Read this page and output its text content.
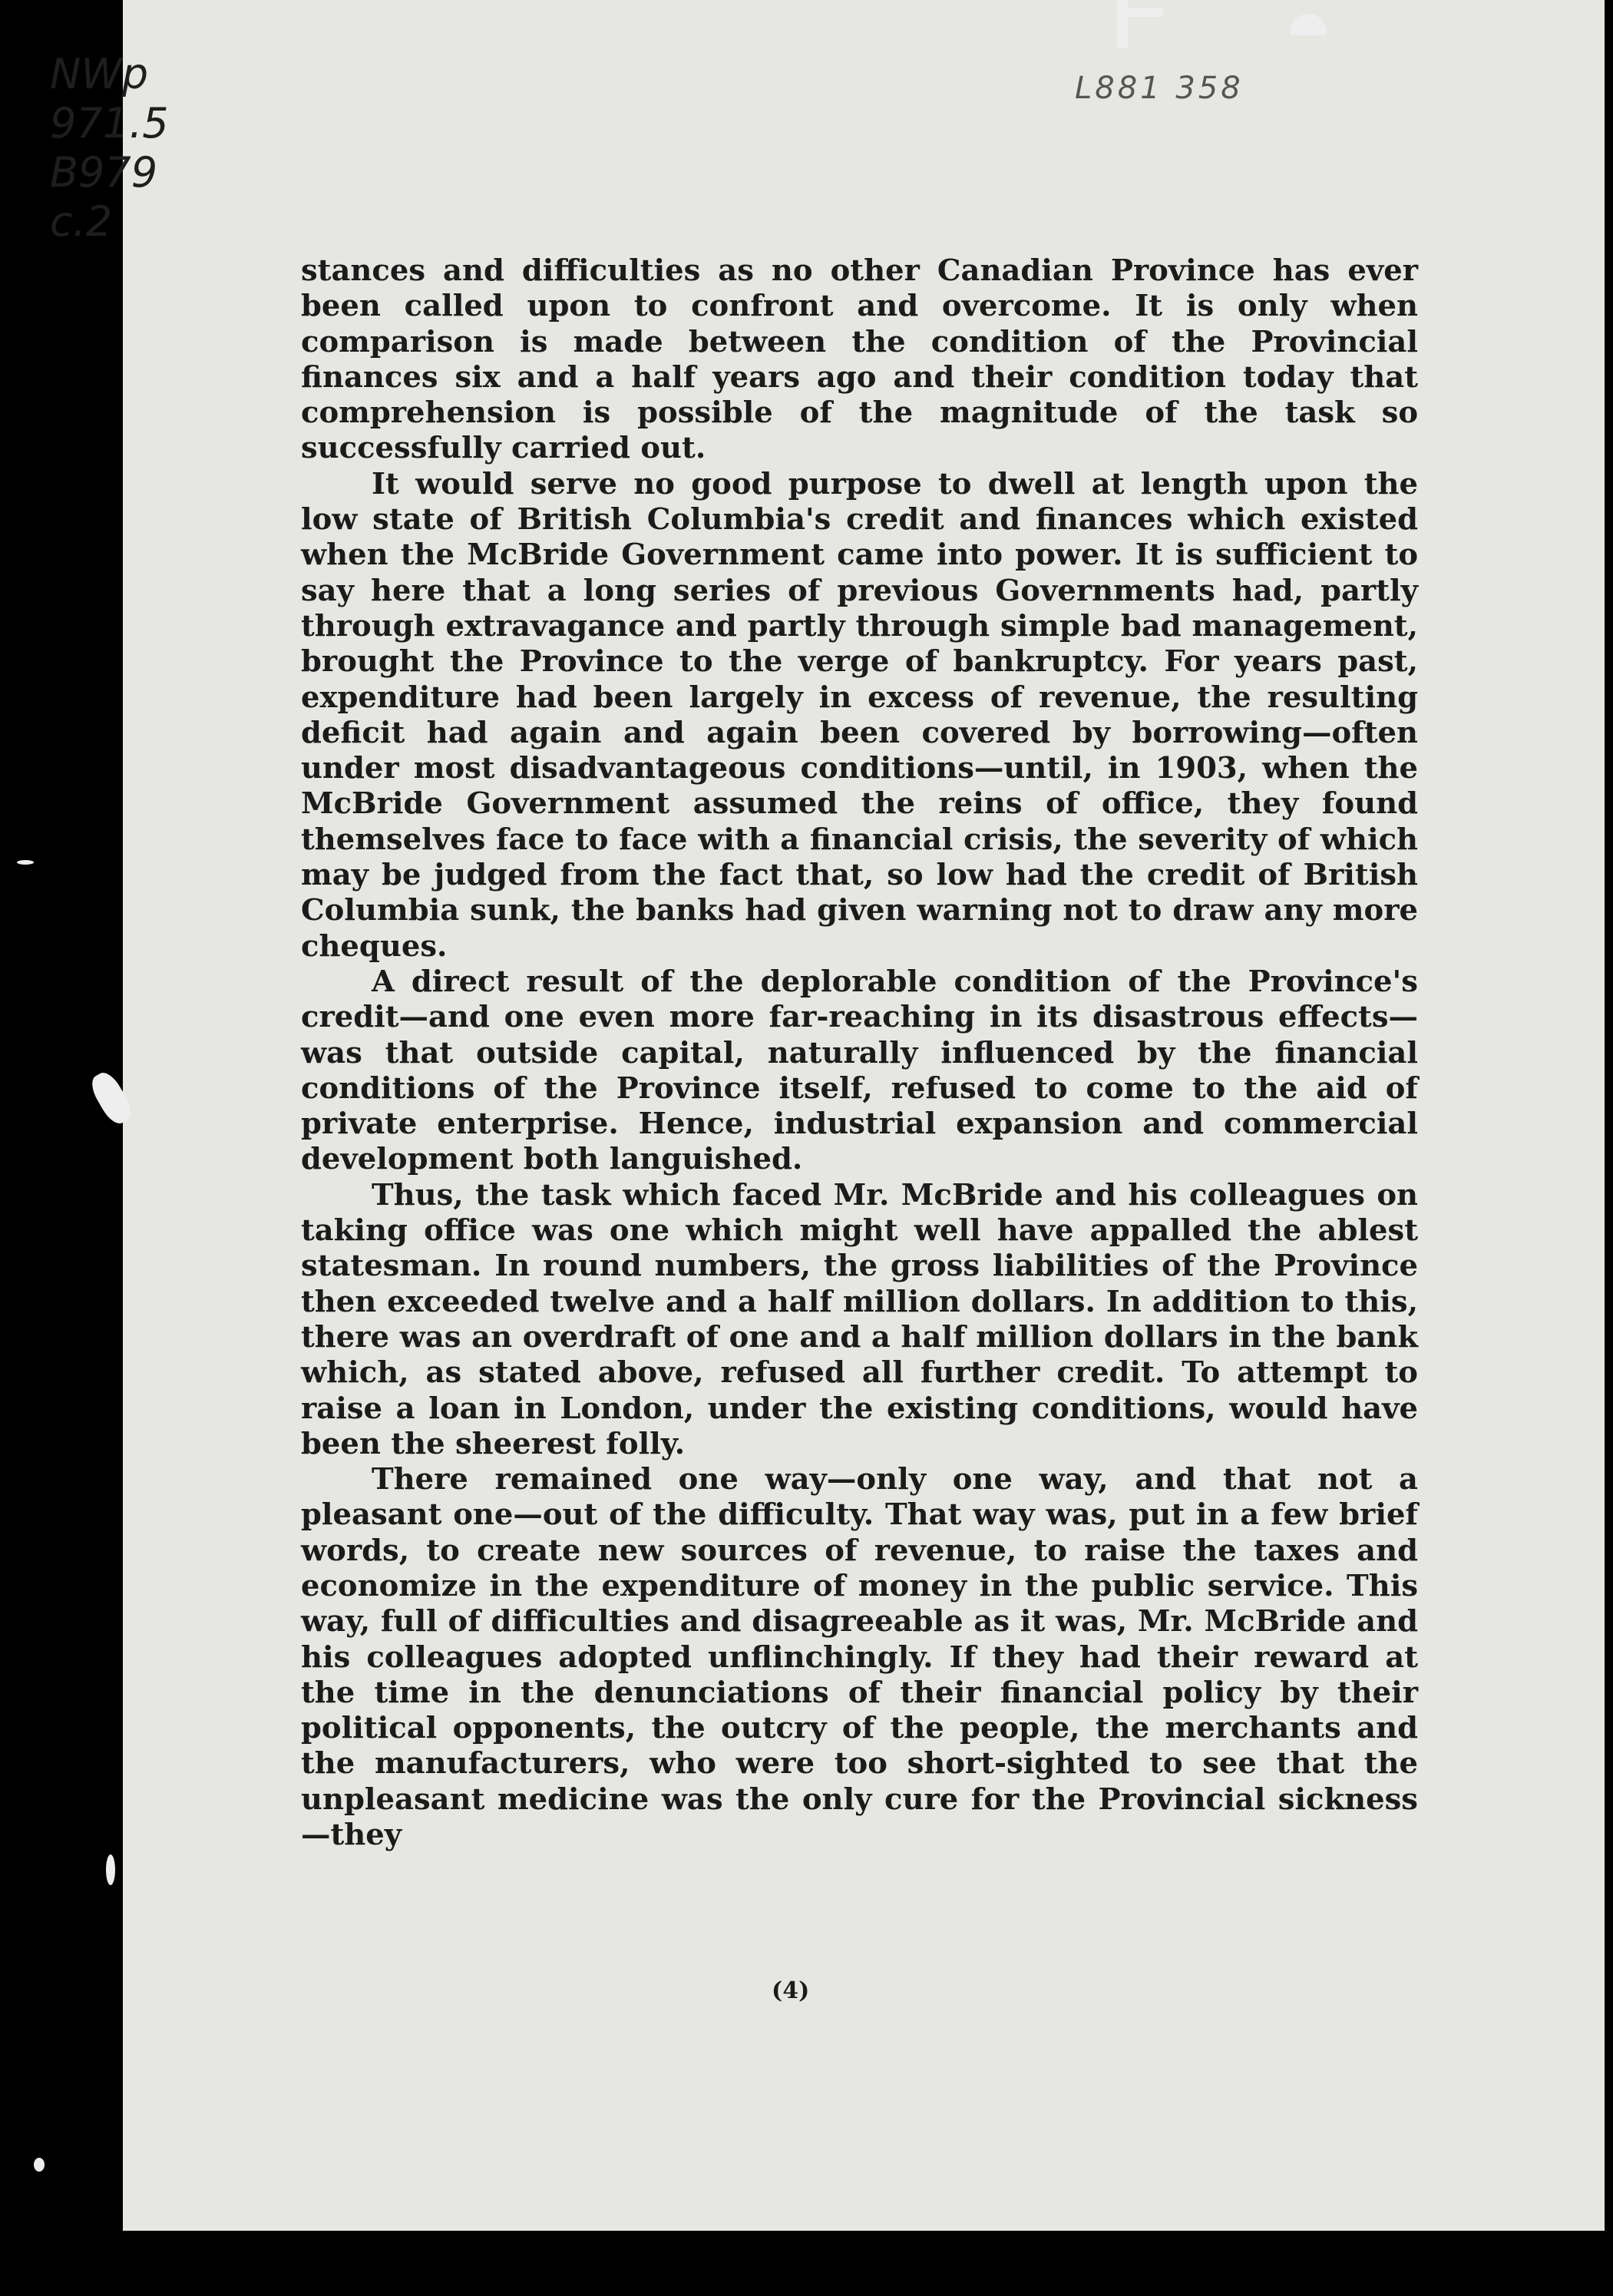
NWp
971.5
B979
c.2
L881 358

stances and difficulties as no other Canadian Province has ever been called upon to confront and overcome. It is only when comparison is made between the condition of the Provincial finances six and a half years ago and their condition today that comprehension is possible of the magnitude of the task so successfully carried out.

It would serve no good purpose to dwell at length upon the low state of British Columbia's credit and finances which existed when the McBride Government came into power. It is sufficient to say here that a long series of previous Governments had, partly through extravagance and partly through simple bad management, brought the Province to the verge of bankruptcy. For years past, expenditure had been largely in excess of revenue, the resulting deficit had again and again been covered by borrowing—often under most disadvantageous conditions—until, in 1903, when the McBride Government assumed the reins of office, they found themselves face to face with a financial crisis, the severity of which may be judged from the fact that, so low had the credit of British Columbia sunk, the banks had given warning not to draw any more cheques.

A direct result of the deplorable condition of the Province's credit—and one even more far-reaching in its disastrous effects—was that outside capital, naturally influenced by the financial conditions of the Province itself, refused to come to the aid of private enterprise. Hence, industrial expansion and commercial development both languished.

Thus, the task which faced Mr. McBride and his colleagues on taking office was one which might well have appalled the ablest statesman. In round numbers, the gross liabilities of the Province then exceeded twelve and a half million dollars. In addition to this, there was an overdraft of one and a half million dollars in the bank which, as stated above, refused all further credit. To attempt to raise a loan in London, under the existing conditions, would have been the sheerest folly.

There remained one way—only one way, and that not a pleasant one—out of the difficulty. That way was, put in a few brief words, to create new sources of revenue, to raise the taxes and economize in the expenditure of money in the public service. This way, full of difficulties and disagreeable as it was, Mr. McBride and his colleagues adopted unflinchingly. If they had their reward at the time in the denunciations of their financial policy by their political opponents, the outcry of the people, the merchants and the manufacturers, who were too short-sighted to see that the unpleasant medicine was the only cure for the Provincial sickness—they

(4)
